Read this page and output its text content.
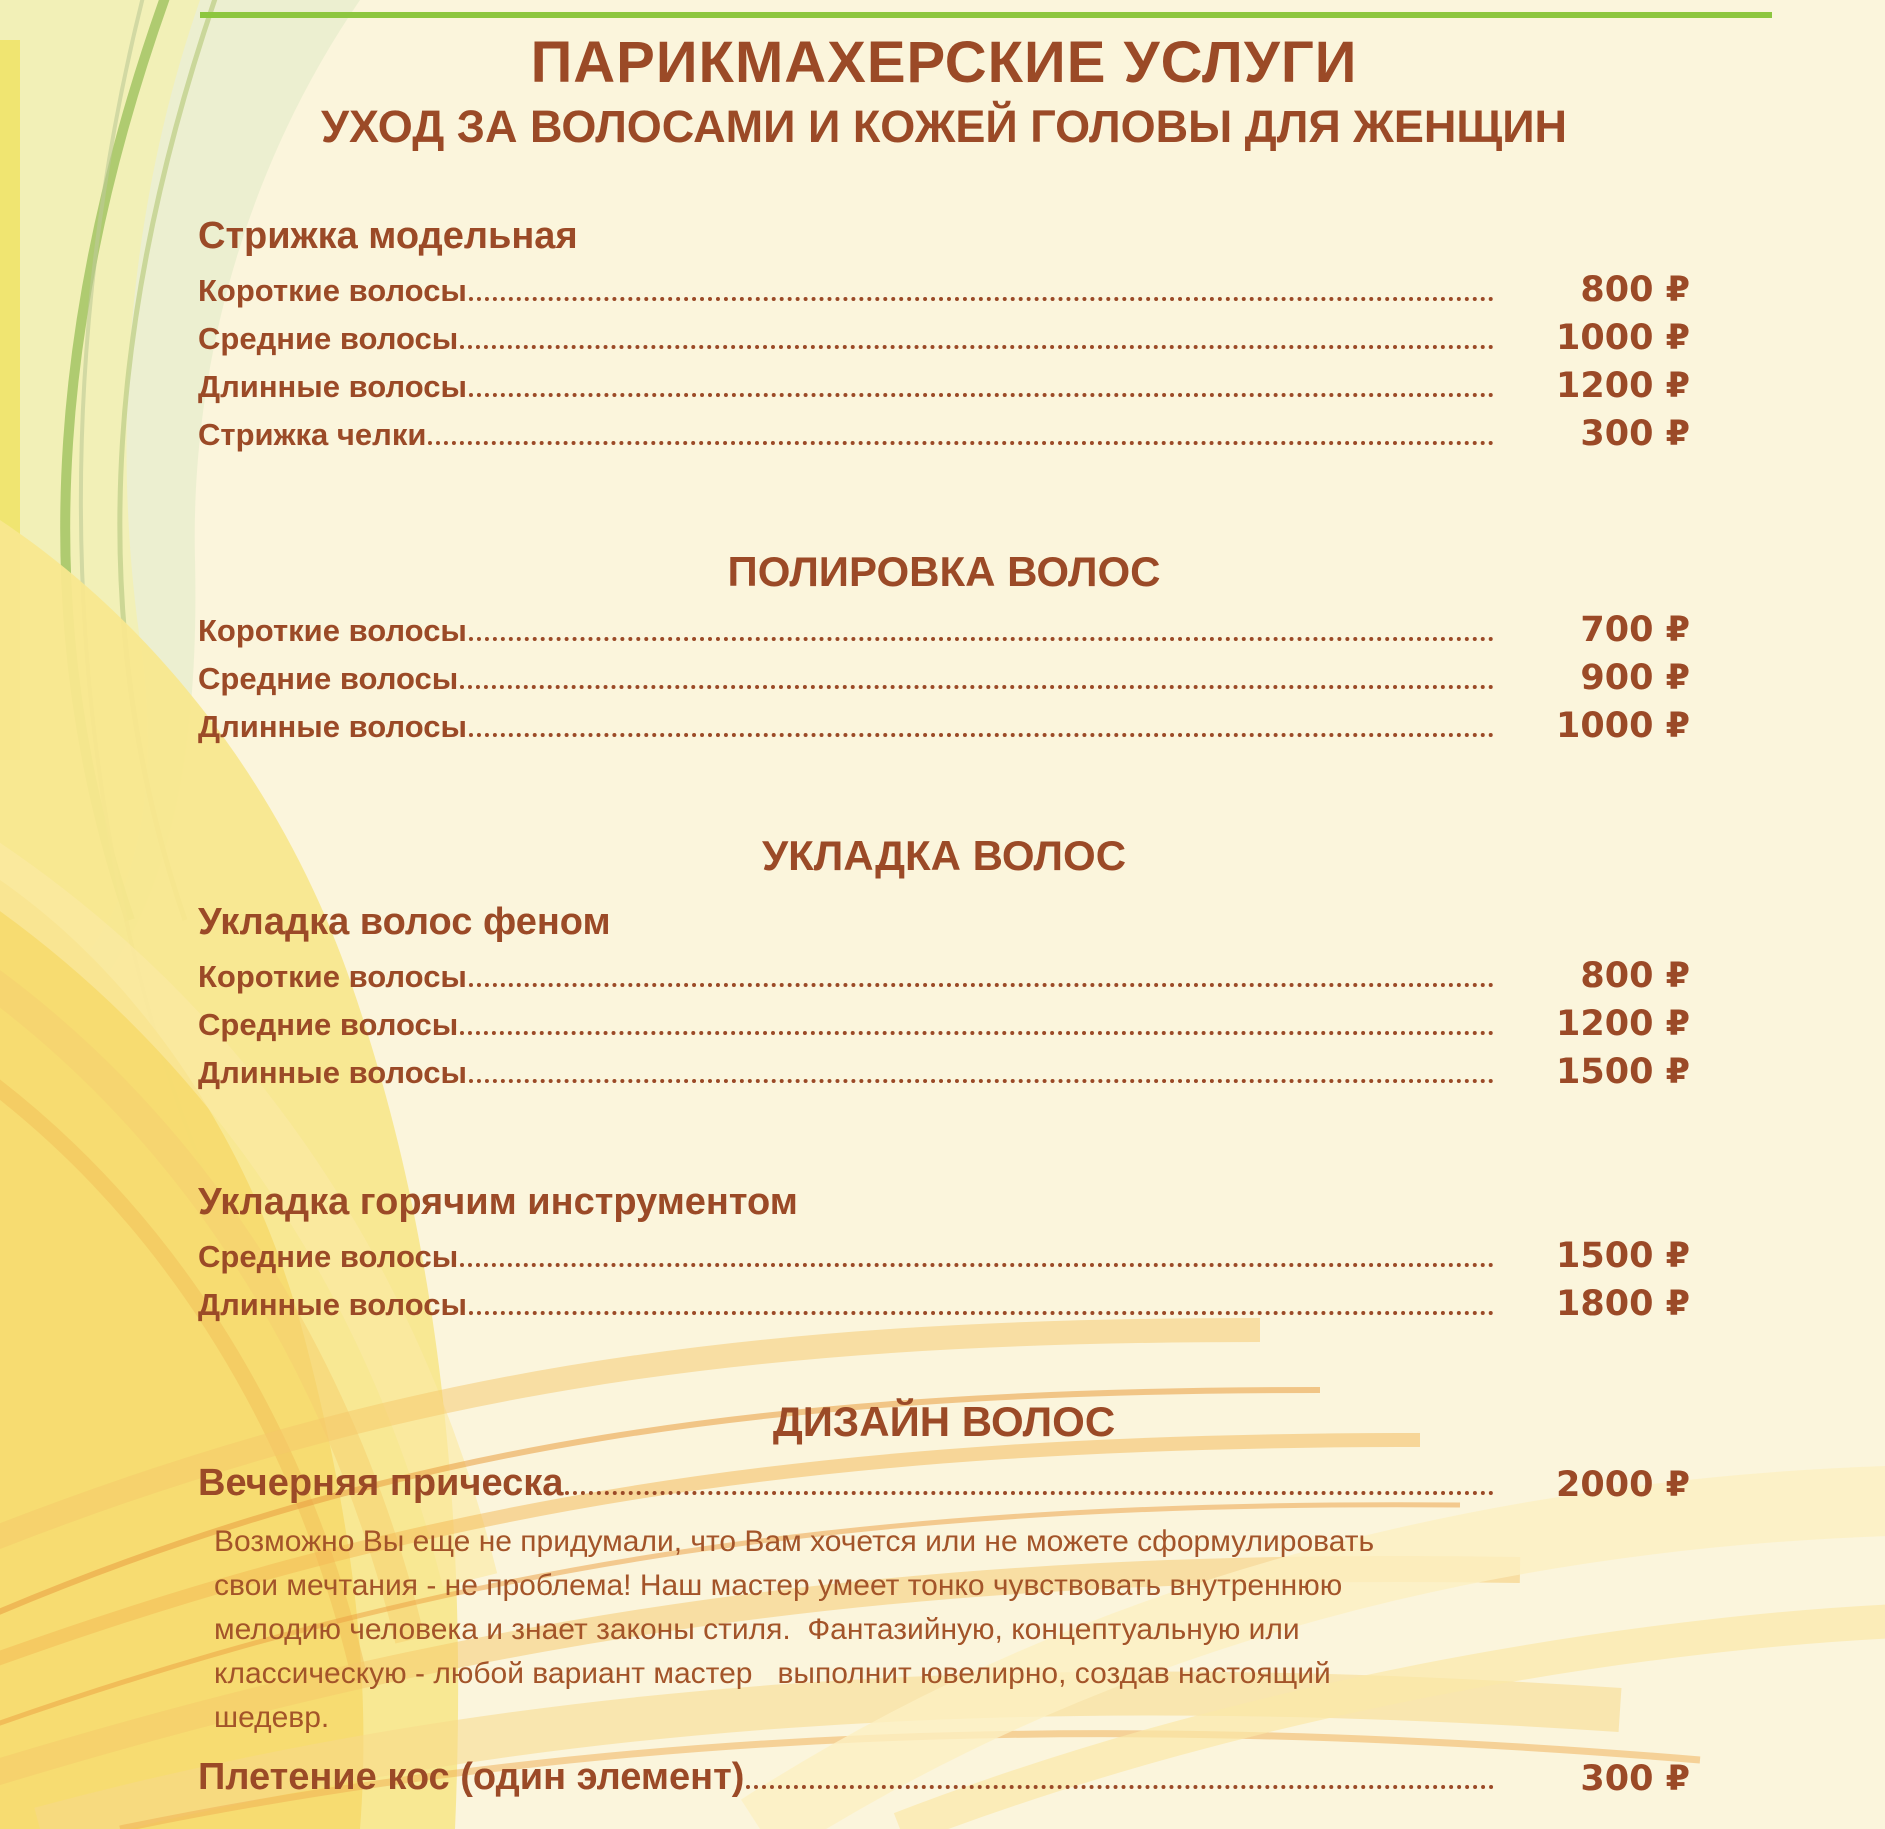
ПАРИКМАХЕРСКИЕ УСЛУГИ
УХОД ЗА ВОЛОСАМИ И КОЖЕЙ ГОЛОВЫ ДЛЯ ЖЕНЩИН
Стрижка модельная
Короткие волосы	800 ₽
Средние волосы	1000 ₽
Длинные волосы	1200 ₽
Стрижка челки	300 ₽
ПОЛИРОВКА ВОЛОС
Короткие волосы	700 ₽
Средние волосы	900 ₽
Длинные волосы	1000 ₽
УКЛАДКА ВОЛОС
Укладка волос феном
Короткие волосы	800 ₽
Средние волосы	1200 ₽
Длинные волосы	1500 ₽
Укладка горячим инструментом
Средние волосы	1500 ₽
Длинные волосы	1800 ₽
ДИЗАЙН ВОЛОС
Вечерняя прическа	2000 ₽
Возможно Вы еще не придумали, что Вам хочется или не можете сформулировать
свои мечтания - не проблема! Наш мастер умеет тонко чувствовать внутреннюю
мелодию человека и знает законы стиля.  Фантазийную, концептуальную или
классическую - любой вариант мастер   выполнит ювелирно, создав настоящий
шедевр.
Плетение кос (один элемент)	300 ₽
